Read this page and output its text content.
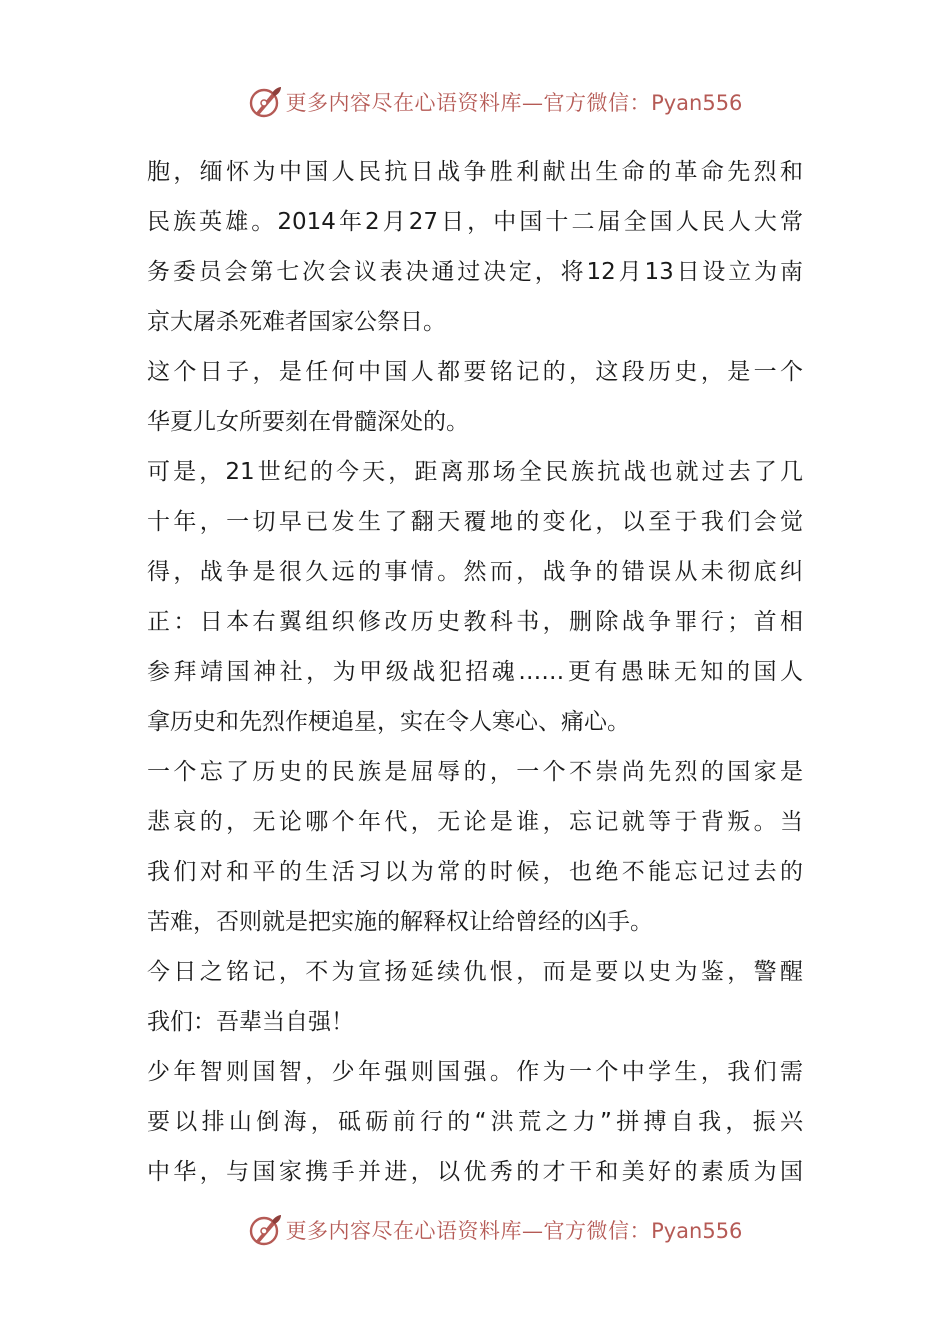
更多内容尽在心语资料库—官方微信：Pyan556
胞，缅怀为中国人民抗日战争胜利献出生命的革命先烈和
民族英雄。2014年2月27日，中国十二届全国人民人大常
务委员会第七次会议表决通过决定，将12月13日设立为南
京大屠杀死难者国家公祭日。
这个日子，是任何中国人都要铭记的，这段历史，是一个
华夏儿女所要刻在骨髓深处的。
可是，21世纪的今天，距离那场全民族抗战也就过去了几
十年，一切早已发生了翻天覆地的变化，以至于我们会觉
得，战争是很久远的事情。然而，战争的错误从未彻底纠
正：日本右翼组织修改历史教科书，删除战争罪行；首相
参拜靖国神社，为甲级战犯招魂……更有愚昧无知的国人
拿历史和先烈作梗追星，实在令人寒心、痛心。
一个忘了历史的民族是屈辱的，一个不崇尚先烈的国家是
悲哀的，无论哪个年代，无论是谁，忘记就等于背叛。当
我们对和平的生活习以为常的时候，也绝不能忘记过去的
苦难，否则就是把实施的解释权让给曾经的凶手。
今日之铭记，不为宣扬延续仇恨，而是要以史为鉴，警醒
我们：吾辈当自强！
少年智则国智，少年强则国强。作为一个中学生，我们需
要以排山倒海，砥砺前行的“洪荒之力”拼搏自我，振兴
中华，与国家携手并进，以优秀的才干和美好的素质为国
更多内容尽在心语资料库—官方微信：Pyan556
